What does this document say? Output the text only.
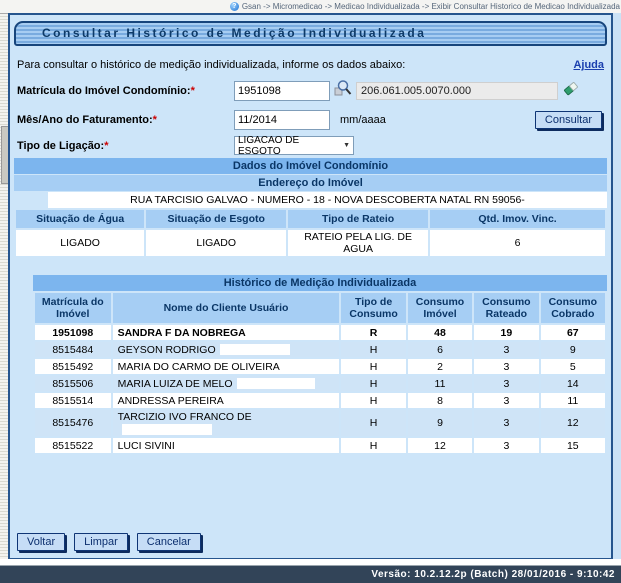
? Gsan -> Micromedicao -> Medicao Individualizada -> Exibir Consultar Historico de Medicao Individualizada
Consultar Histórico de Medição Individualizada
Para consultar o histórico de medição individualizada, informe os dados abaixo:	Ajuda
Matrícula do Imóvel Condomínio:*
1951098	206.061.005.0070.000
Mês/Ano do Faturamento:*
11/2014	mm/aaaa	Consultar
Tipo de Ligação:*	LIGACAO DE ESGOTO	▼
Dados do Imóvel Condomínio
Endereço do Imóvel
RUA TARCISIO GALVAO - NUMERO - 18 - NOVA DESCOBERTA NATAL RN 59056-
Situação de Água	Situação de Esgoto	Tipo de Rateio	Qtd. Imov. Vinc.
LIGADO	LIGADO	RATEIO PELA LIG. DE AGUA	6
Histórico de Medição Individualizada
Matrícula do Imóvel	Nome do Cliente Usuário	Tipo de Consumo	Consumo Imóvel	Consumo Rateado	Consumo Cobrado
1951098	SANDRA F DA NOBREGA	R	48	19	67
8515484	GEYSON RODRIGO	H	6	3	9
8515492	MARIA DO CARMO DE OLIVEIRA	H	2	3	5
8515506	MARIA LUIZA DE MELO	H	11	3	14
8515514	ANDRESSA PEREIRA	H	8	3	11
8515476	TARCIZIO IVO FRANCO DE	H	9	3	12
8515522	LUCI SIVINI	H	12	3	15
Voltar	Limpar	Cancelar
Versão: 10.2.12.2p (Batch) 28/01/2016 - 9:10:42
